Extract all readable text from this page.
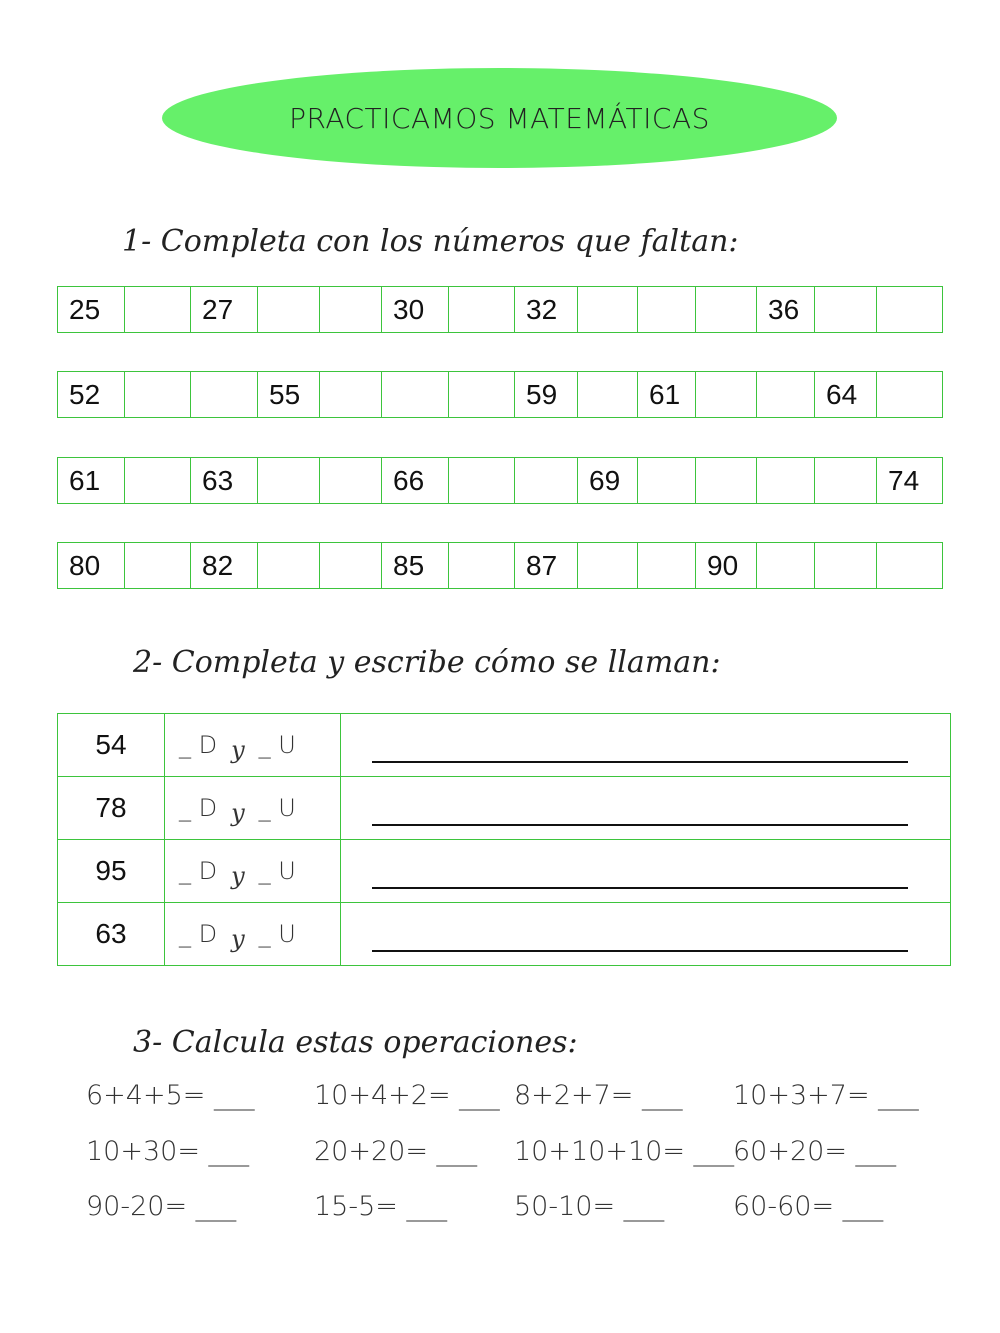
PRACTICAMOS MATEMÁTICAS
1- Completa con los números que faltan:
25		27			30		32				36		
52			55				59		61			64	
61		63			66			69					74
80		82			85		87			90			
2- Completa y escribe cómo se llaman:
54	_ D y _ U	

78	_ D y _ U	

95	_ D y _ U	

63	_ D y _ U	
3- Calcula estas operaciones:
6+4+5= ___ 10+4+2= ___ 8+2+7= ___ 10+3+7= ___
10+30= ___ 20+20= ___ 10+10+10= ___
60+20= ___
90-20= ___	15-5= ___ 50-10= ___	60-60= ___
